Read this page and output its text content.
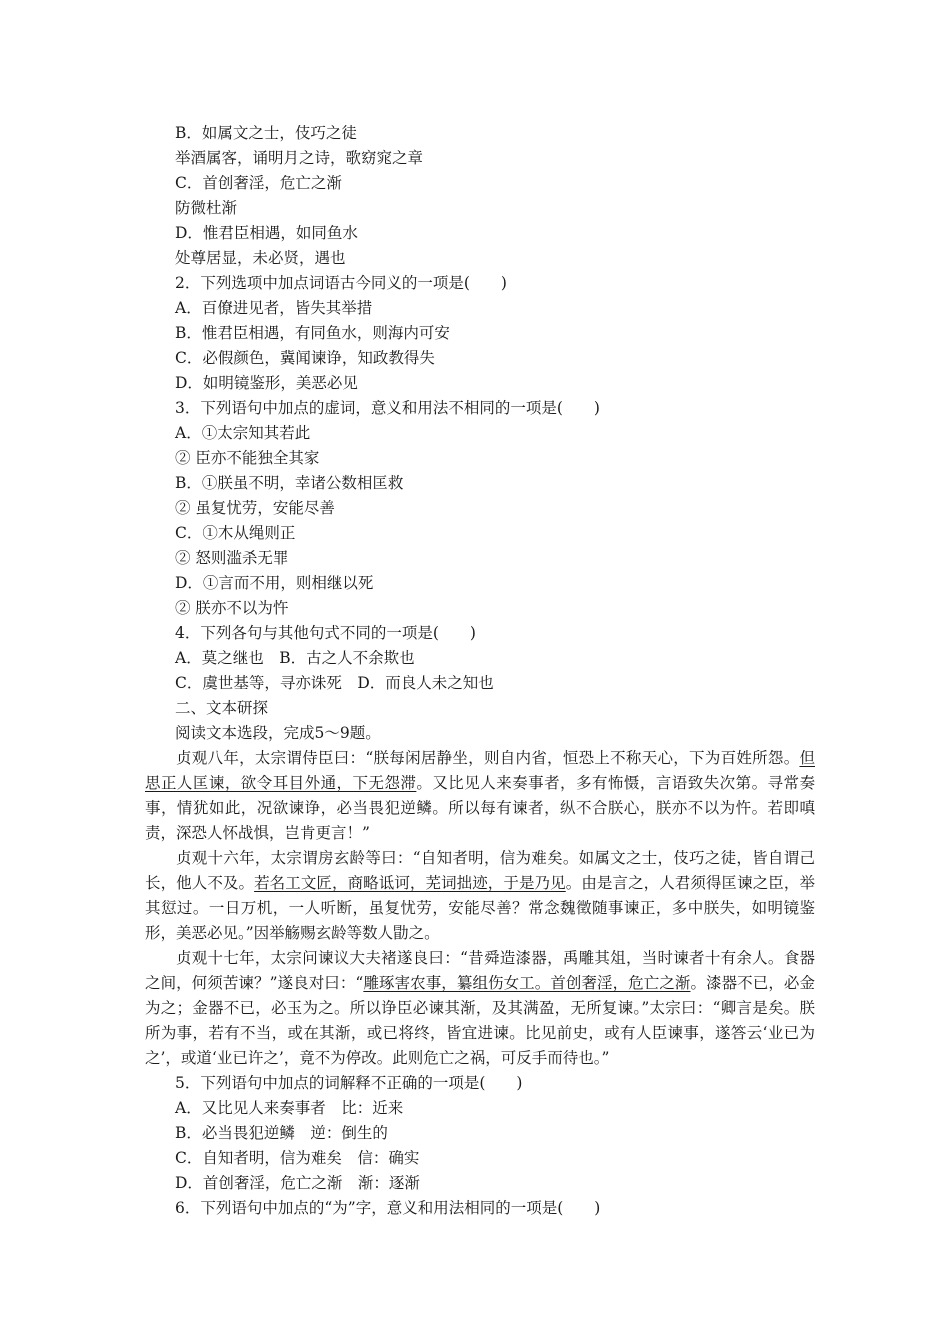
B．如属文之士，伎巧之徒
举酒属客，诵明月之诗，歌窈窕之章
C．首创奢淫，危亡之渐
防微杜渐
D．惟君臣相遇，如同鱼水
处尊居显，未必贤，遇也
2．下列选项中加点词语古今同义的一项是(　　)
A．百僚进见者，皆失其举措
B．惟君臣相遇，有同鱼水，则海内可安
C．必假颜色，冀闻谏诤，知政教得失
D．如明镜鉴形，美恶必见
3．下列语句中加点的虚词，意义和用法不相同的一项是(　　)
A．①太宗知其若此
② 臣亦不能独全其家
B．①朕虽不明，幸诸公数相匡救
② 虽复忧劳，安能尽善
C．①木从绳则正
② 怒则滥杀无罪
D．①言而不用，则相继以死
② 朕亦不以为忤
4．下列各句与其他句式不同的一项是(　　)
A．莫之继也　B．古之人不余欺也
C．虞世基等，寻亦诛死　D．而良人未之知也
二、文本研探
阅读文本选段，完成5～9题。

贞观八年，太宗谓侍臣曰：“朕每闲居静坐，则自内省，恒恐上不称天心，下为百姓所怨。但思正人匡谏，欲令耳目外通，下无怨滞。又比见人来奏事者，多有怖慑，言语致失次第。寻常奏事，情犹如此，况欲谏诤，必当畏犯逆鳞。所以每有谏者，纵不合朕心，朕亦不以为忤。若即嗔责，深恐人怀战惧，岂肯更言！”

贞观十六年，太宗谓房玄龄等曰：“自知者明，信为难矣。如属文之士，伎巧之徒，皆自谓己长，他人不及。若名工文匠，商略诋诃，芜词拙迹，于是乃见。由是言之，人君须得匡谏之臣，举其愆过。一日万机，一人听断，虽复忧劳，安能尽善？常念魏徵随事谏正，多中朕失，如明镜鉴形，美恶必见。”因举觞赐玄龄等数人勖之。

贞观十七年，太宗问谏议大夫褚遂良曰：“昔舜造漆器，禹雕其俎，当时谏者十有余人。食器之间，何须苦谏？”遂良对曰：“雕琢害农事，纂组伤女工。首创奢淫，危亡之渐。漆器不已，必金为之；金器不已，必玉为之。所以诤臣必谏其渐，及其满盈，无所复谏。”太宗曰：“卿言是矣。朕所为事，若有不当，或在其渐，或已将终，皆宜进谏。比见前史，或有人臣谏事，遂答云‘业已为之’，或道‘业已许之’，竟不为停改。此则危亡之祸，可反手而待也。”

5．下列语句中加点的词解释不正确的一项是(　　)
A．又比见人来奏事者　比：近来
B．必当畏犯逆鳞　逆：倒生的
C．自知者明，信为难矣　信：确实
D．首创奢淫，危亡之渐　渐：逐渐
6．下列语句中加点的“为”字，意义和用法相同的一项是(　　)
